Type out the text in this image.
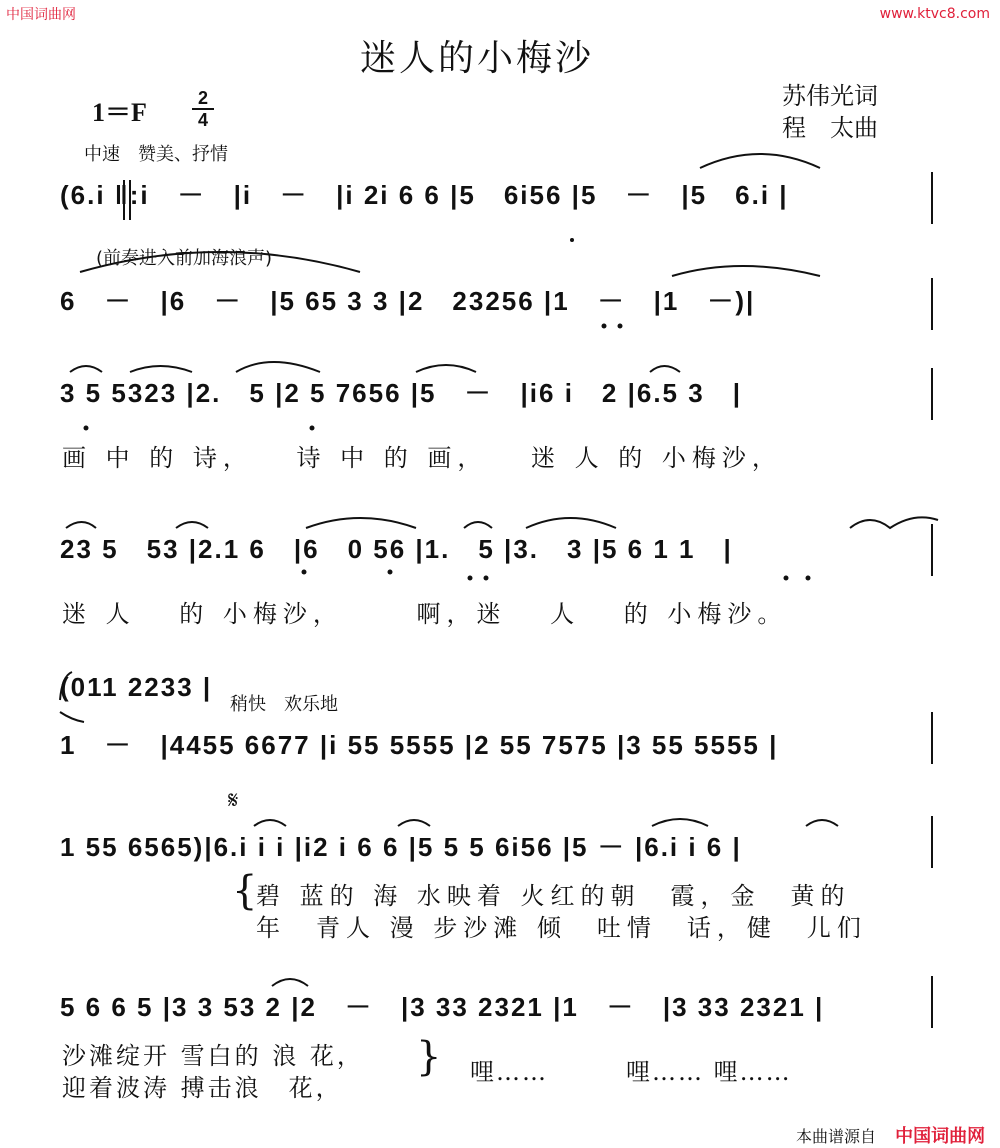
中国词曲网	www.ktvc8.com
迷人的小梅沙
苏伟光词
程　太曲
1＝F	$\frac{2}{4}$
中速　赞美、抒情
(6.i ‖:i　－　|i　－　|i 2i 6 6 |5　6i56 |5　－　|5　6.i |
(前奏进入前加海浪声)
6　－　|6　－　|5 65 3 3 |2　23256 |1　－　|1　－)|
3 5 5323 |2.　5 |2 5 7656 |5　－　|i6 i　2 |6.5 3　|
画 中 的 诗， 　诗 中 的 画， 　迷 人 的 小梅沙，
23 5　53 |2.1 6　|6　0 56 |1.　5 |3.　3 |5 6 1 1　|
迷 人 　的 小梅沙， 　　啊，迷 　人 　的 小梅沙。
(011 2233 |
稍快　欢乐地
1　－　|4455 6677 |i 55 5555 |2 55 7575 |3 55 5555 |
𝄋
1 55 6565)|6.i i i |i2 i 6 6 |5 5 5 6i56 |5 － |6.i i 6 |
碧 蓝的 海 水映着 火红的朝　霞，金　黄的
年　青人 漫 步沙滩 倾　吐情　话，健　儿们
{
5 6 6 5 |3 3 53 2 |2　－　|3 33 2321 |1　－　|3 33 2321 |
沙滩绽开 雪白的 浪 花，
迎着波涛 搏击浪　花，
} 哩……　　　哩…… 哩……
本曲谱源自 中国词曲网
